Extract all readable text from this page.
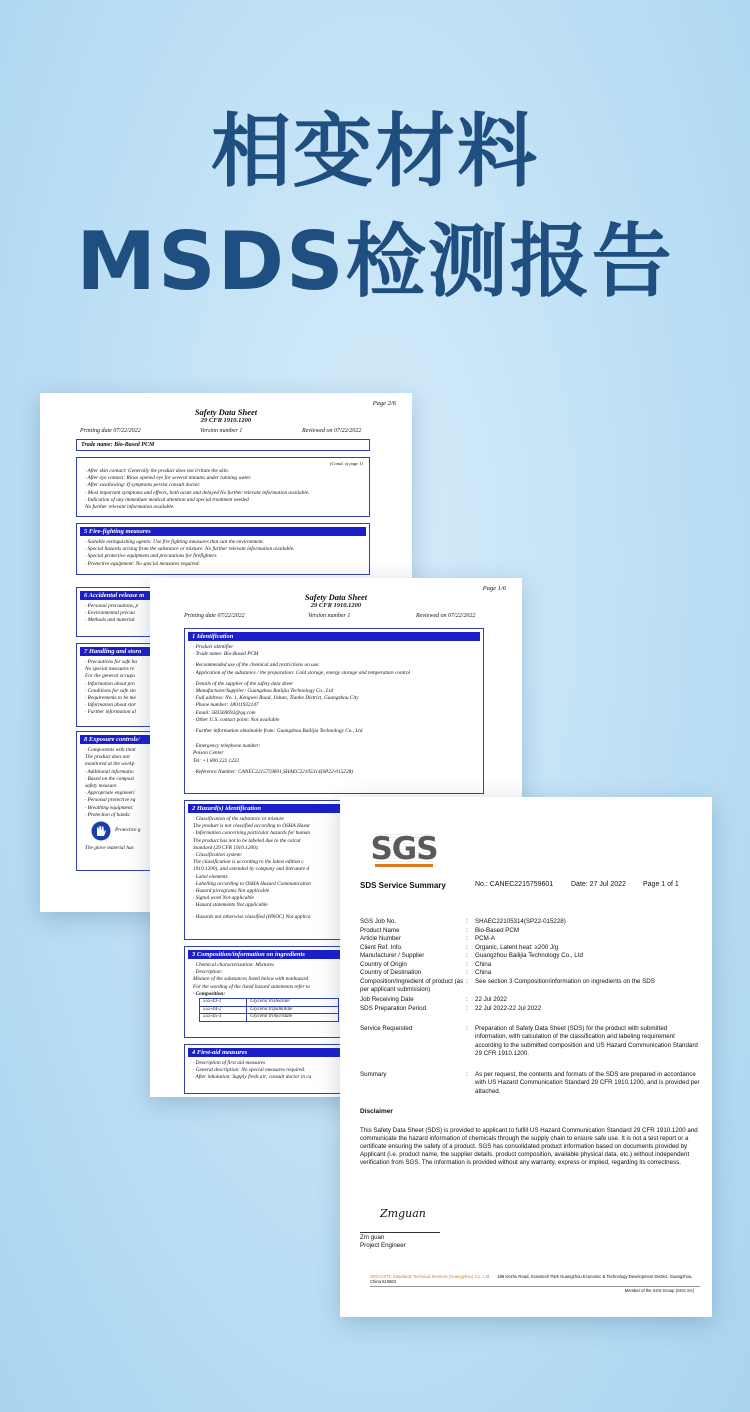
相变材料
MSDS检测报告
Page 2/6
Safety Data Sheet
29 CFR 1910.1200
Printing date 07/22/2022	Version number 1	Reviewed on 07/22/2022
Trade name: Bio-Based PCM
(Contd. of page 1)
· After skin contact: Generally the product does not irritate the skin.
· After eye contact: Rinse opened eye for several minutes under running water.
· After swallowing: If symptoms persist consult doctor.
· Most important symptoms and effects, both acute and delayed No further relevant information available.
· Indication of any immediate medical attention and special treatment needed
No further relevant information available.
5 Fire-fighting measures
· Suitable extinguishing agents: Use fire fighting measures that suit the environment.
· Special hazards arising from the substance or mixture: No further relevant information available.
· Special protective equipment and precautions for firefighters
· Protective equipment: No special measures required.
6 Accidental release m
· Personal precautions, p
· Environmental precau
· Methods and material
7 Handling and stora
· Precautions for safe ha
No special measures re
For the general occupa
· Information about pro
· Conditions for safe sto
· Requirements to be me
· Information about stor
· Further information al
8 Exposure controls/
· Components with limit
The product does not
monitored at the workp
· Additional informatio
· Based on the composi
safety measure.
· Appropriate engineeri
· Personal protective eq
· Breathing equipment:
· Protection of hands:
Protective g
The glove material has
Page 1/6
Safety Data Sheet
29 CFR 1910.1200
Printing date 07/22/2022	Version number 1	Reviewed on 07/22/2022
1 Identification
· Product identifier
· Trade name: Bio-Based PCM
· Recommended use of the chemical and restrictions on use:
· Application of the substance / the preparation: Cold storage, energy storage and temperature control
· Details of the supplier of the safety data sheet
· Manufacturer/Supplier: Guangzhou Bailijia Technology Co., Ltd
· Full address: No. 1, Kengwei Road, Jishan, Tianhe District, Guangzhou City
· Phone number: 18011932147
· Email: 583569692@qq.com
· Other U.S. contact point: Not available
· Further information obtainable from: Guangzhou Bailijia Technology Co., Ltd
· Emergency telephone number:
Poison Center
Tel: +1 800 222 1222
· Reference Number: CANEC2215759601,SHAEC22105314(SP22-015228)
2 Hazard(s) identification
· Classification of the substance or mixture
The product is not classified according to OSHA Hazar
· Information concerning particular hazards for human
The product has not to be labeled due to the calcul
Standard (29 CFR 1910.1200).
· Classification system:
The classification is according to the latest edition c
1910.1200), and extended by company and literature d
· Label elements
· Labelling according to OSHA Hazard Communication
· Hazard pictograms Not applicable
· Signal word Not applicable
· Hazard statements Not applicable
· Hazards not otherwise classified (HNOC) Not applica
3 Composition/information on ingredients
· Chemical characterization: Mixtures
· Description:
Mixture of the substances listed below with nonhazard
For the wording of the listed hazard statements refer to
· Composition:
555-43-1	Glycerol tristearate
555-44-2	Glycerol tripalmitate
555-45-3	Glycerol trimyristate
4 First-aid measures
· Description of first aid measures
· General description: No special measures required.
· After inhalation: Supply fresh air; consult doctor in ca
SGS
SDS Service Summary	No.: CANEC2215759601	Date: 27 Jul 2022 Page 1 of 1
SGS Job No.	: SHAEC22105314(SP22-015228)
Product Name	: Bio-Based PCM
Article Number	: PCM-A
Client Ref. Info.	: Organic, Latent heat: ≥200 J/g
Manufacturer / Supplier	: Guangzhou Bailijia Technology Co., Ltd
Country of Origin	: China
Country of Destination	: China
Composition/Ingredient of product (as per applicant submission)
: See section 3 Composition/information on ingredients on the SDS
Job Receiving Date	: 22 Jul 2022
SDS Preparation Period	: 22 Jul 2022-22 Jul 2022
Service Requested	: Preparation of Safety Data Sheet (SDS) for the product with submitted information, with calculation of the classification and labeling requirement according to the submitted composition and US Hazard Communication Standard 29 CFR 1910.1200.
Summary	: As per request, the contents and formats of the SDS are prepared in accordance with US Hazard Communication Standard 29 CFR 1910.1200, and is provided per attached.
Disclaimer
This Safety Data Sheet (SDS) is provided to applicant to fulfill US Hazard Communication Standard 29 CFR 1910.1200 and communicate the hazard information of chemicals through the supply chain to ensure safe use. It is not a test report or a certificate ensuring the safety of a product. SGS has consolidated product information based on documents provided by Applicant (i.e. product name, the supplier details, product composition, available physical data, etc.) without independent verification from SGS. The information is provided without any warranty, express or implied, regarding its correctness.
Zmguan
Zm guan
Project Engineer
SGS-CSTC Standards Technical Services (Guangzhou) Co., Ltd. 198 Kezhu Road, Scientech Park Guangzhou Economic & Technology Development District, Guangzhou, China 510663
Member of the SGS Group (SGS SA)
